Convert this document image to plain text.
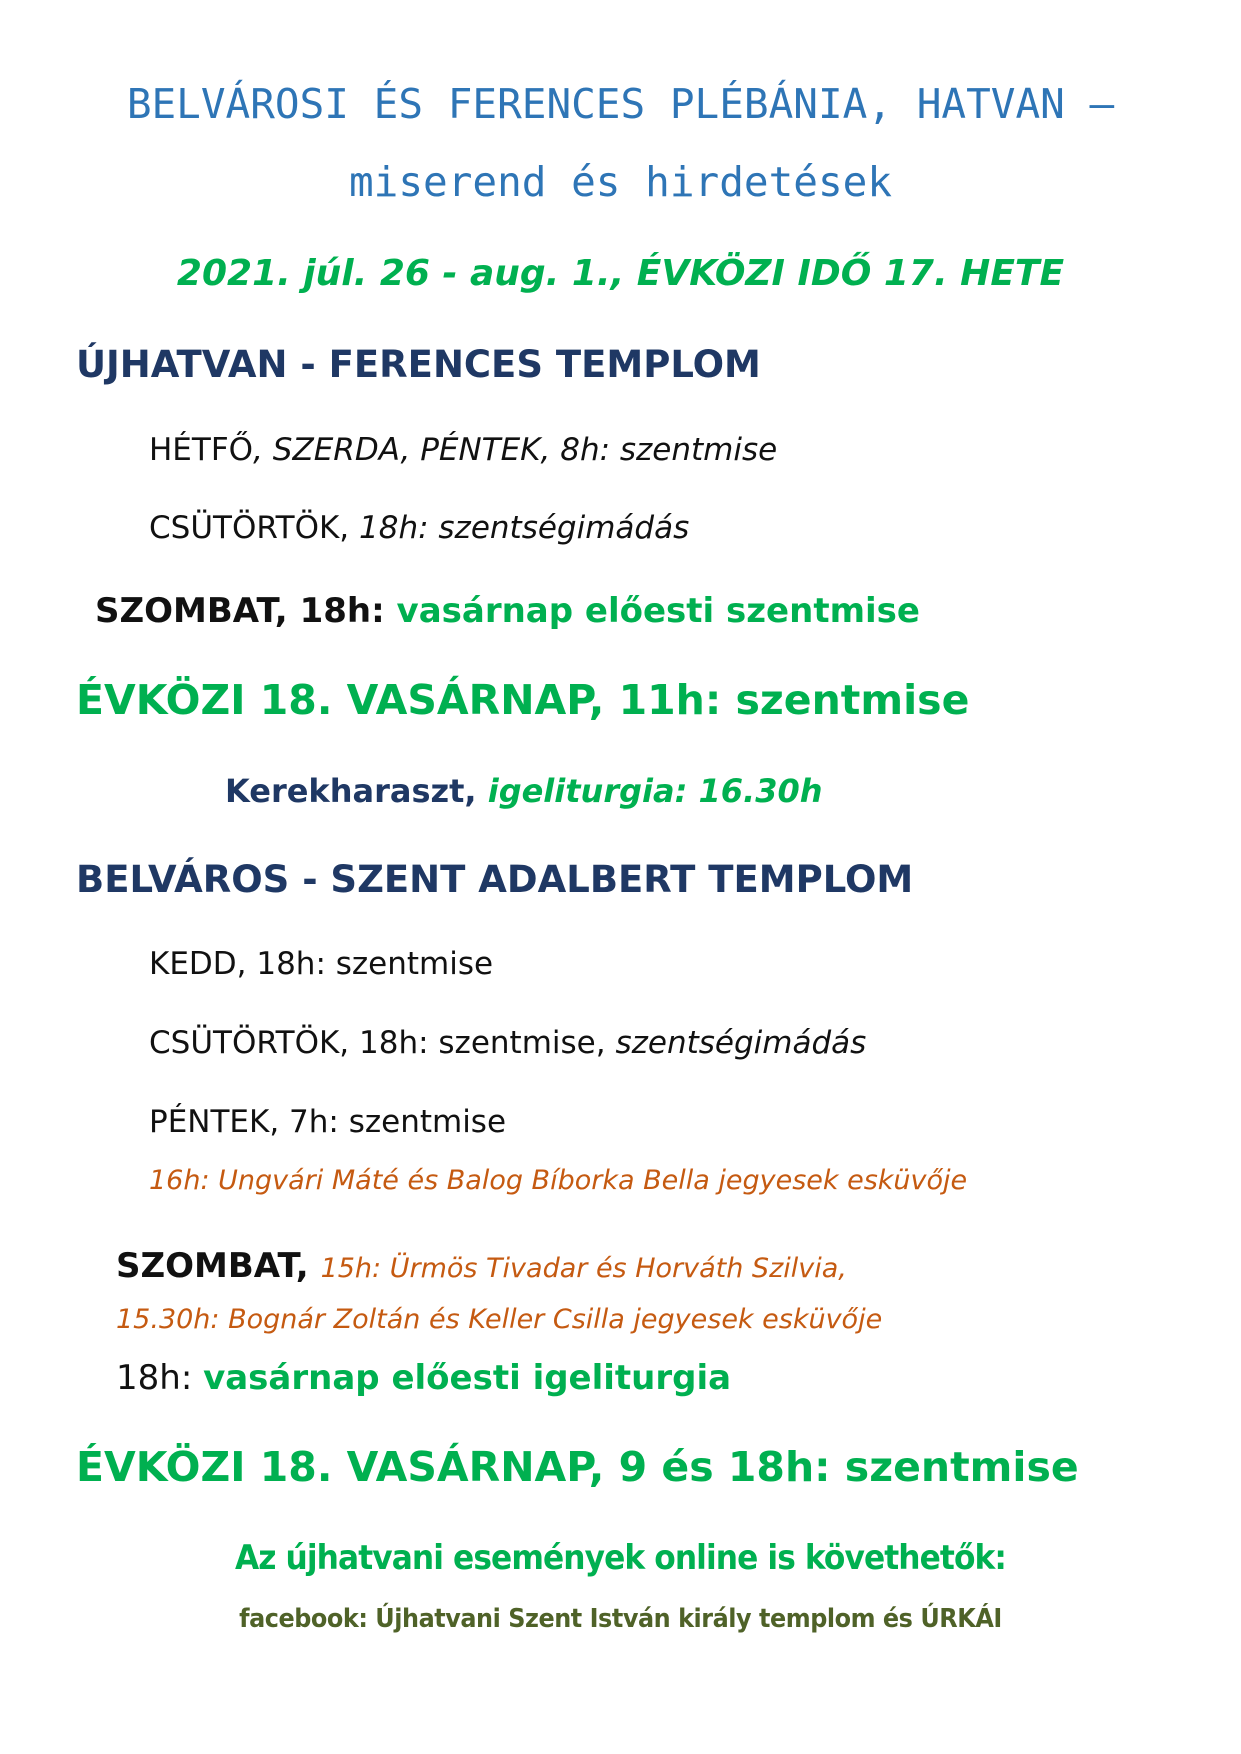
BELVÁROSI ÉS FERENCES PLÉBÁNIA, HATVAN –
miserend és hirdetések
2021. júl. 26 - aug. 1., ÉVKÖZI IDŐ 17. HETE
ÚJHATVAN - FERENCES TEMPLOM
HÉTFŐ, SZERDA, PÉNTEK, 8h: szentmise
CSÜTÖRTÖK, 18h: szentségimádás
SZOMBAT, 18h: vasárnap előesti szentmise
ÉVKÖZI 18. VASÁRNAP, 11h: szentmise
Kerekharaszt, igeliturgia: 16.30h
BELVÁROS - SZENT ADALBERT TEMPLOM
KEDD, 18h: szentmise
CSÜTÖRTÖK, 18h: szentmise, szentségimádás
PÉNTEK, 7h: szentmise
16h: Ungvári Máté és Balog Bíborka Bella jegyesek esküvője
SZOMBAT, 15h: Ürmös Tivadar és Horváth Szilvia,
15.30h: Bognár Zoltán és Keller Csilla jegyesek esküvője
18h: vasárnap előesti igeliturgia
ÉVKÖZI 18. VASÁRNAP, 9 és 18h: szentmise
Az újhatvani események online is követhetők:
facebook: Újhatvani Szent István király templom és ÚRKÁI
